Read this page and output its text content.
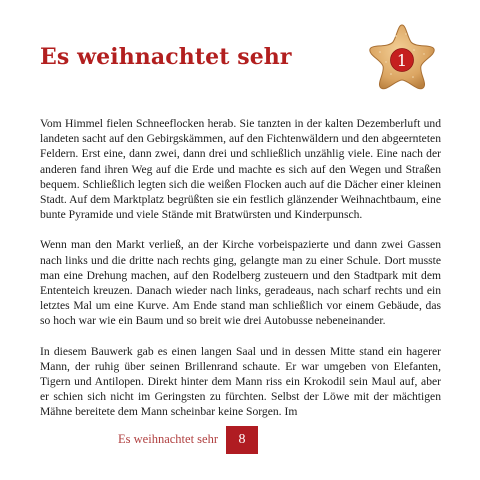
Es weihnachtet sehr	1

Vom Himmel fielen Schneeflocken herab. Sie tanzten in der kalten Dezemberluft und landeten sacht auf den Gebirgskämmen, auf den Fichtenwäldern und den abgeernteten Feldern. Erst eine, dann zwei, dann drei und schließlich unzählig viele. Eine nach der anderen fand ihren Weg auf die Erde und machte es sich auf den Wegen und Straßen bequem. Schließlich legten sich die weißen Flocken auch auf die Dächer einer kleinen Stadt. Auf dem Marktplatz begrüßten sie ein festlich glänzender Weihnachtbaum, eine bunte Pyramide und viele Stände mit Bratwürsten und Kinderpunsch.

Wenn man den Markt verließ, an der Kirche vorbeispazierte und dann zwei Gassen nach links und die dritte nach rechts ging, gelangte man zu einer Schule. Dort musste man eine Drehung machen, auf den Rodelberg zusteuern und den Stadtpark mit dem Ententeich kreuzen. Danach wieder nach links, geradeaus, nach scharf rechts und ein letztes Mal um eine Kurve. Am Ende stand man schließlich vor einem Gebäude, das so hoch war wie ein Baum und so breit wie drei Autobusse nebeneinander.

In diesem Bauwerk gab es einen langen Saal und in dessen Mitte stand ein hagerer Mann, der ruhig über seinen Brillenrand schaute. Er war umgeben von Elefanten, Tigern und Antilopen. Direkt hinter dem Mann riss ein Krokodil sein Maul auf, aber er schien sich nicht im Geringsten zu fürchten. Selbst der Löwe mit der mächtigen Mähne bereitete dem Mann scheinbar keine Sorgen. Im

Es weihnachtet sehr	8
